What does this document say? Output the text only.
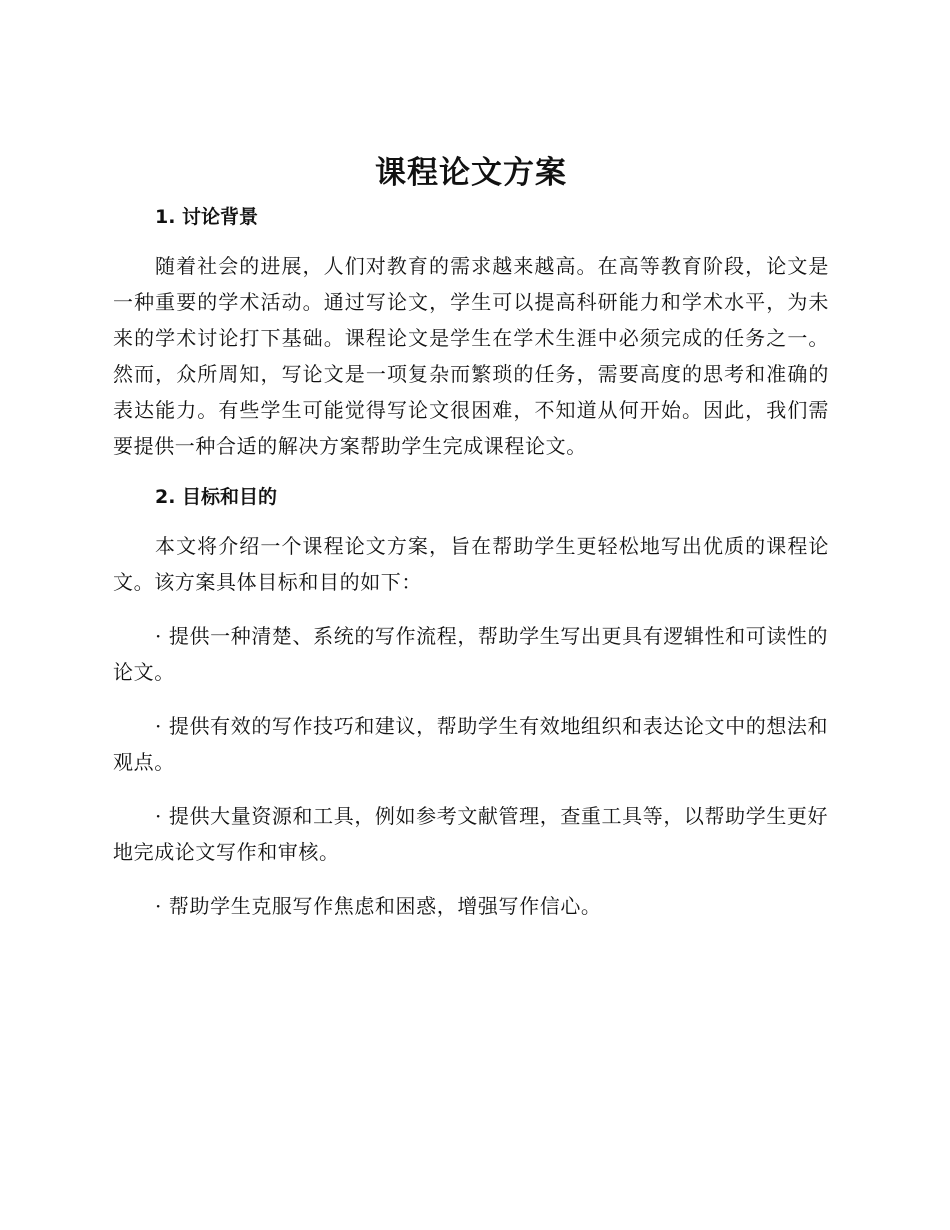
课程论文方案
1. 讨论背景

随着社会的进展，人们对教育的需求越来越高。在高等教育阶段，论文是一种重要的学术活动。通过写论文，学生可以提高科研能力和学术水平，为未来的学术讨论打下基础。课程论文是学生在学术生涯中必须完成的任务之一。然而，众所周知，写论文是一项复杂而繁琐的任务，需要高度的思考和准确的表达能力。有些学生可能觉得写论文很困难，不知道从何开始。因此，我们需要提供一种合适的解决方案帮助学生完成课程论文。

2. 目标和目的

本文将介绍一个课程论文方案，旨在帮助学生更轻松地写出优质的课程论文。该方案具体目标和目的如下：

· 提供一种清楚、系统的写作流程，帮助学生写出更具有逻辑性和可读性的论文。

· 提供有效的写作技巧和建议，帮助学生有效地组织和表达论文中的想法和观点。

· 提供大量资源和工具，例如参考文献管理，查重工具等，以帮助学生更好地完成论文写作和审核。

· 帮助学生克服写作焦虑和困惑，增强写作信心。
